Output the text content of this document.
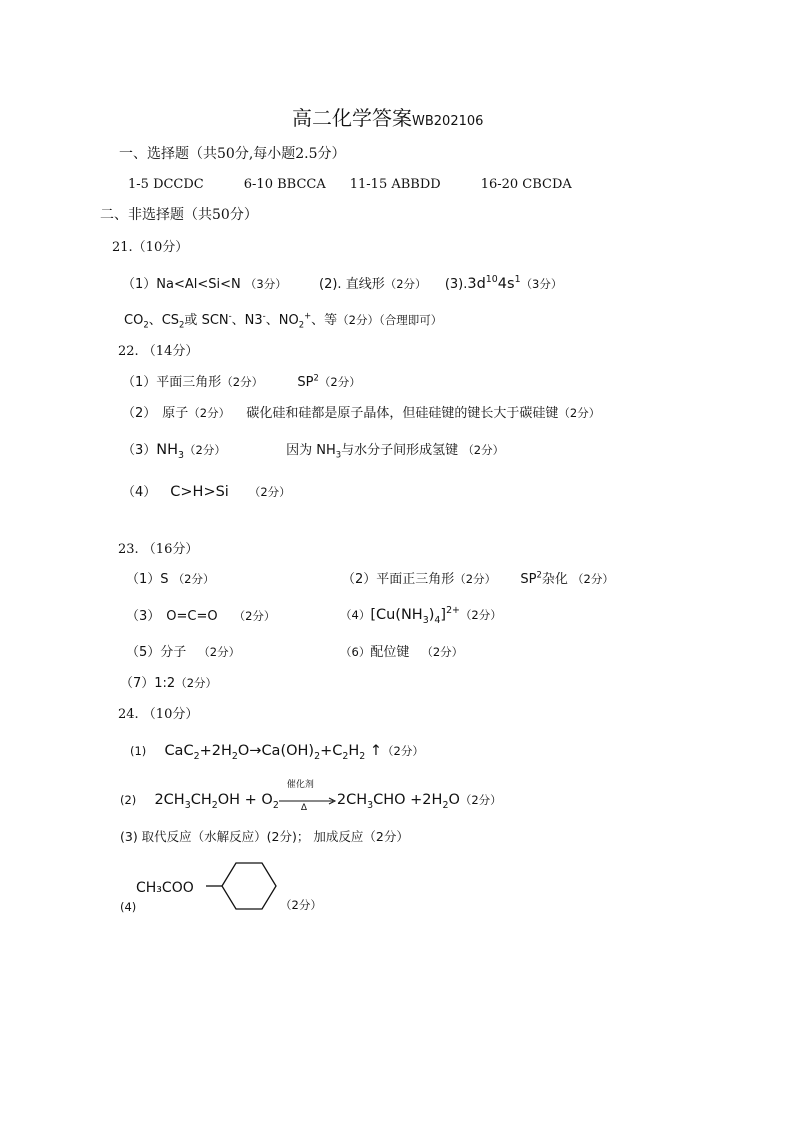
高二化学答案WB202106
一、选择题（共50分,每小题2.5分）
1-5 DCCDC	6-10 BBCCA 11-15 ABBDD	16-20 CBCDA
二、非选择题（共50分）
21.（10分）
（1）Na<Al<Si<N （3分） (2). 直线形（2分） $(3).3d^{10}4s^1(3$分）
$CO_2$、$CS_2$或 SCN-、N3-、$NO_2^+$、等（2分）（合理即可）
22. （14分）
（1）平面三角形（2分）	$SP^2(2$分）
（2） 原子（2分） 碳化硅和硅都是原子晶体，但硅硅键的键长大于碳硅键（2分）
$(3)NH_3(2$分）	因为 $NH_3$与水分子间形成氢键 （2分）
（4） C>H>Si （2分）
23. （16分）
（1）S （2分）	（2）平面正三角形（2分） $SP^2$杂化 （2分）
（3） O=C=O （2分）	$(4)[Cu(NH_3)_4]^{2+}(2$分）
（5）分子 （2分）	（6）配位键 （2分）
（7）1:2（2分）
24. （10分）
(1) $CaC_2+2H_2O\to Ca(OH)_2+C_2H_2$ ↑（2分）
(2) $2CH_3CH_2OH + O_2$
催化剂
Δ $2CH_3CHO +2H_2O(2$分）
(3) 取代反应（水解反应）(2分)； 加成反应（2分）
(4)
CH₃COO
（2分）
